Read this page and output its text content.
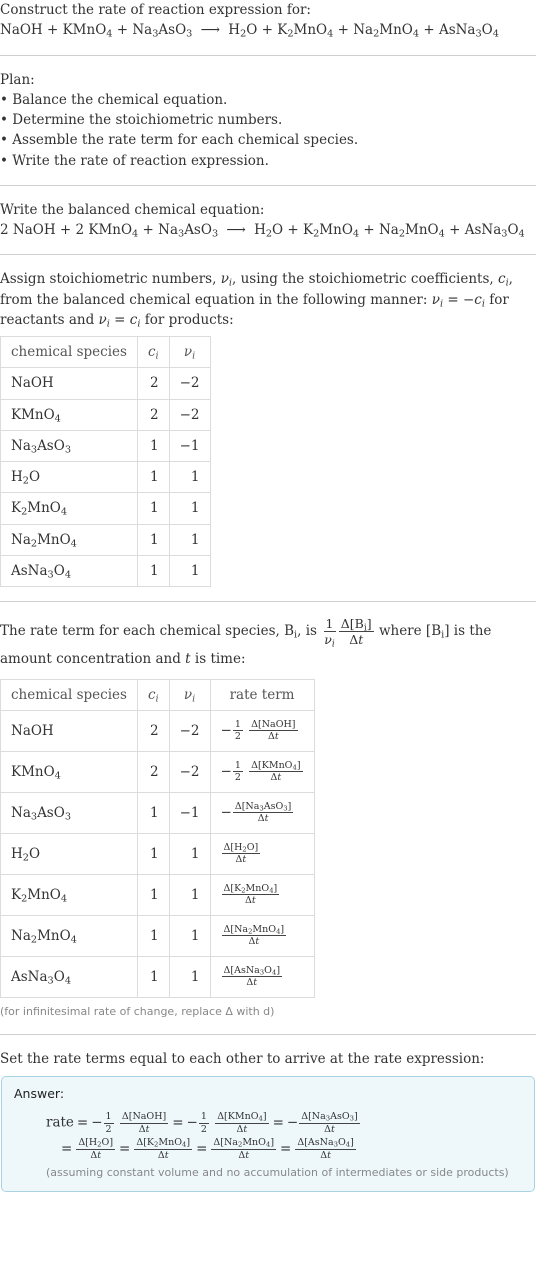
Construct the rate of reaction expression for:
NaOH + KMnO$_4$ + $Na_3AsO_3$ ⟶ $H_2O + K_2MnO_4 + Na_2MnO_4$ + $AsNa_3O_4$
Plan:
• Balance the chemical equation.
• Determine the stoichiometric numbers.
• Assemble the rate term for each chemical species.
• Write the rate of reaction expression.
Write the balanced chemical equation:
2 NaOH + 2 KMnO$_4$ + $Na_3AsO_3$ ⟶ $H_2O + K_2MnO_4 + Na_2MnO_4$ + $AsNa_3O_4$
Assign stoichiometric numbers, $\nu_i$, using the stoichiometric coefficients, $c_i$, from the balanced chemical equation in the following manner: $\nu_i = -c_i$ for reactants and $\nu_i = c_i$ for products:
chemical species	$c_i$	$\nu_i$
NaOH	2	−2
KMnO$_4$	2	−2
$Na_3AsO_3$	1	−1
$H_2O$	1	1
$K_2MnO_4$	1	1
$Na_2MnO_4$	1	1
$AsNa_3O_4$	1	1
The rate term for each chemical species, $B_i$, is $\frac{1}{\nu_i} \frac{\Delta[B_i]}{\Delta t}$ where $[B_i]$ is the amount concentration and t is time:
chemical species	$c_i$	$\nu_i$	rate term
NaOH	2	−2	− $\frac{1}{2}$
$\frac{\text{Δ[NaOH]}}{\Delta t}$

KMnO$_4$	2	−2	− $\frac{1}{2}$
$\frac{\Delta[KMnO_4]}{\Delta t}$

$Na_3AsO_3$	1	−1	− $\frac{\Delta[Na_3AsO_3]}{\Delta t}$

$H_2O$	1	1	$\frac{\Delta[H_2O]}{\Delta t}$

$K_2MnO_4$	1	1	$\frac{\Delta[K_2MnO_4]}{\Delta t}$

$Na_2MnO_4$	1	1	$\frac{\Delta[Na_2MnO_4]}{\Delta t}$

$AsNa_3O_4$	1	1	$\frac{\Delta[AsNa_3O_4]}{\Delta t}$
(for infinitesimal rate of change, replace Δ with d)
Set the rate terms equal to each other to arrive at the rate expression:
Answer:
rate = − $\frac{1}{2}$
$\frac{\text{Δ[NaOH]}}{\Delta t}$ = − $\frac{1}{2}$
$\frac{\Delta[KMnO_4]}{\Delta t}$ = − $\frac{\Delta[Na_3AsO_3]}{\Delta t}$
= $\frac{\Delta[H_2O]}{\Delta t} = \frac{\Delta[K_2MnO_4]}{\Delta t} = \frac{\Delta[Na_2MnO_4]}{\Delta t} = \frac{\Delta[AsNa_3O_4]}{\Delta t}$
(assuming constant volume and no accumulation of intermediates or side products)
